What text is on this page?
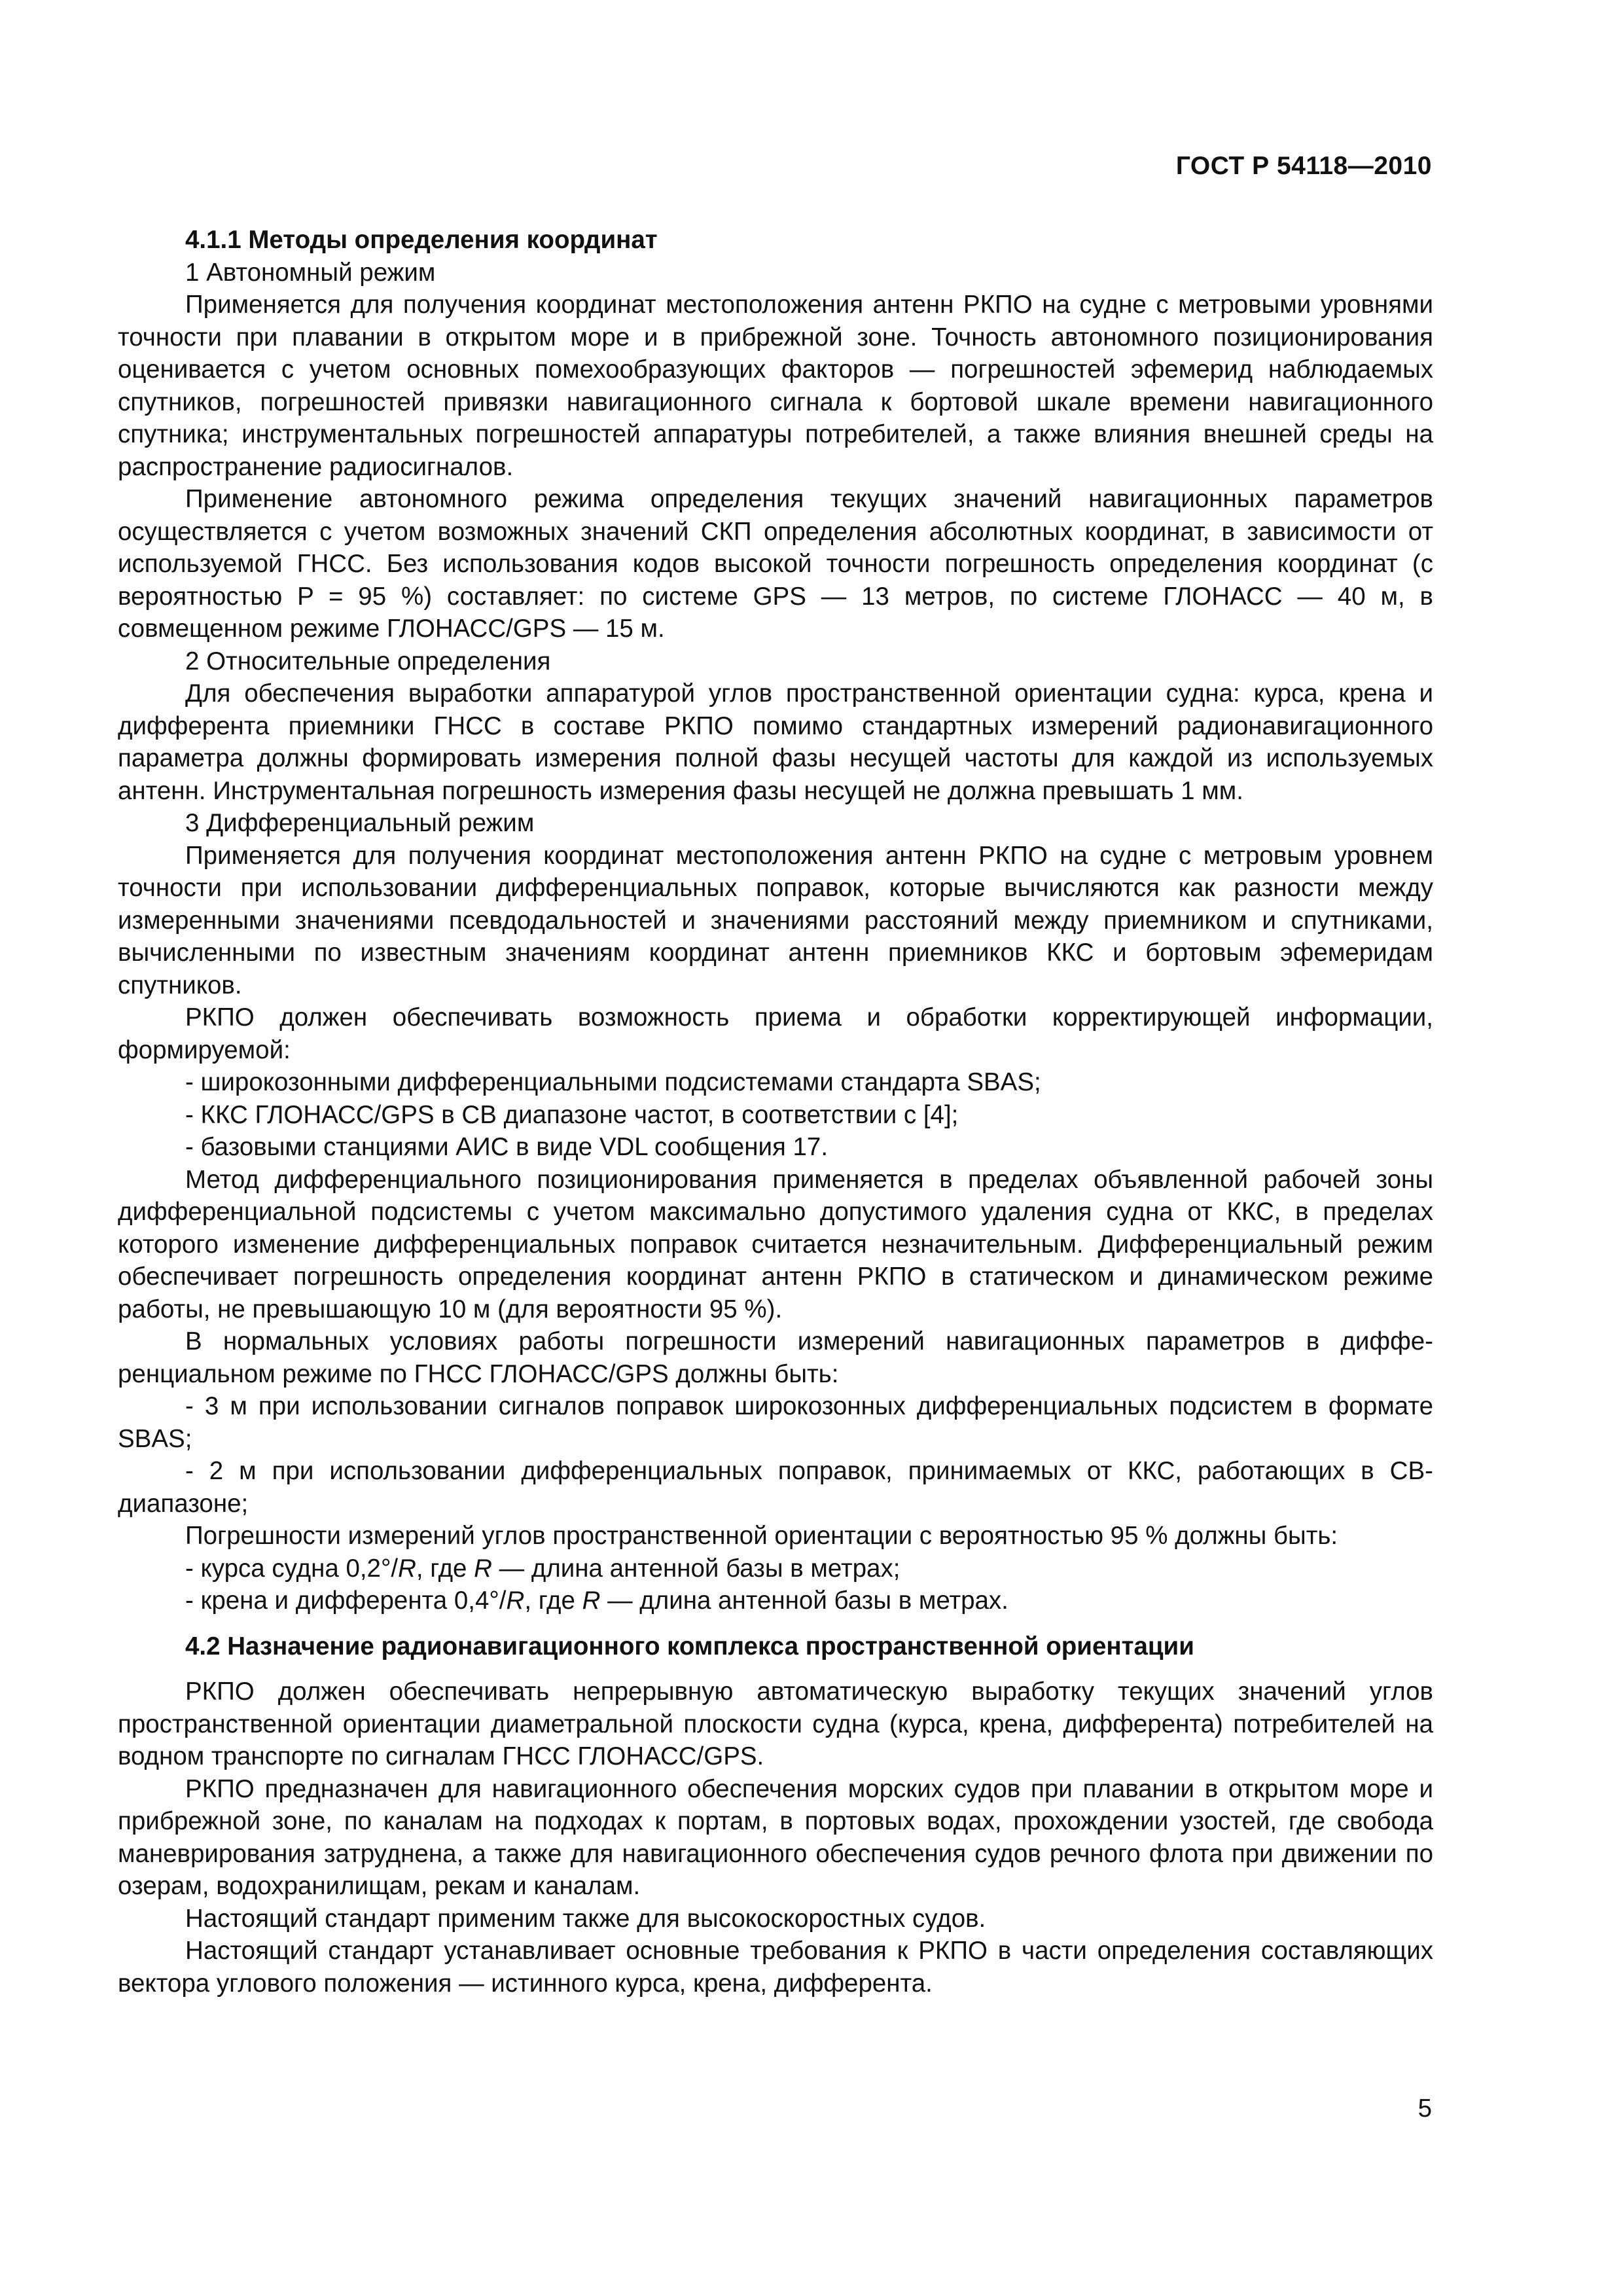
ГОСТ Р 54118—2010

4.1.1 Методы определения координат

1 Автономный режим

Применяется для получения координат местоположения антенн РКПО на судне с метровыми уровнями точности при плавании в открытом море и в прибрежной зоне. Точность автономного позиционирования оценивается с учетом основных помехообразующих факторов — погрешностей эфемерид наблюдаемых спутников, погрешностей привязки навигационного сигнала к бортовой шкале времени навигационного спутника; инструментальных погрешностей аппаратуры потребителей, а также влияния внешней среды на распространение радиосигналов.

Применение автономного режима определения текущих значений навигационных параметров осуществляется с учетом возможных значений СКП определения абсолютных координат, в зависимости от используемой ГНСС. Без использования кодов высокой точности погрешность определения координат (с вероятностью P = 95 %) составляет: по системе GPS — 13 метров, по системе ГЛОНАСС — 40 м, в совмещенном режиме ГЛОНАСС/GPS — 15 м.

2 Относительные определения

Для обеспечения выработки аппаратурой углов пространственной ориентации судна: курса, крена и дифферента приемники ГНСС в составе РКПО помимо стандартных измерений радионавигационного параметра должны формировать измерения полной фазы несущей частоты для каждой из используемых антенн. Инструментальная погрешность измерения фазы несущей не должна превышать 1 мм.

3 Дифференциальный режим

Применяется для получения координат местоположения антенн РКПО на судне с метровым уровнем точности при использовании дифференциальных поправок, которые вычисляются как разности между измеренными значениями псевдодальностей и значениями расстояний между приемником и спутниками, вычисленными по известным значениям координат антенн приемников ККС и бортовым эфемеридам спутников.

РКПО должен обеспечивать возможность приема и обработки корректирующей информации, формируемой:

- широкозонными дифференциальными подсистемами стандарта SBAS;

- ККС ГЛОНАСС/GPS в СВ диапазоне частот, в соответствии с [4];

- базовыми станциями АИС в виде VDL сообщения 17.

Метод дифференциального позиционирования применяется в пределах объявленной рабочей зоны дифференциальной подсистемы с учетом максимально допустимого удаления судна от ККС, в пределах которого изменение дифференциальных поправок считается незначительным. Дифференциальный режим обеспечивает погрешность определения координат антенн РКПО в статическом и динамическом режиме работы, не превышающую 10 м (для вероятности 95 %).

В нормальных условиях работы погрешности измерений навигационных параметров в дифференциальном режиме по ГНСС ГЛОНАСС/GPS должны быть:

- 3 м при использовании сигналов поправок широкозонных дифференциальных подсистем в формате SBAS;

- 2 м при использовании дифференциальных поправок, принимаемых от ККС, работающих в СВ-диапазоне;

Погрешности измерений углов пространственной ориентации с вероятностью 95 % должны быть:

- курса судна 0,2°/R, где R — длина антенной базы в метрах;

- крена и дифферента 0,4°/R, где R — длина антенной базы в метрах.

4.2 Назначение радионавигационного комплекса пространственной ориентации

РКПО должен обеспечивать непрерывную автоматическую выработку текущих значений углов пространственной ориентации диаметральной плоскости судна (курса, крена, дифферента) потребителей на водном транспорте по сигналам ГНСС ГЛОНАСС/GPS.

РКПО предназначен для навигационного обеспечения морских судов при плавании в открытом море и прибрежной зоне, по каналам на подходах к портам, в портовых водах, прохождении узостей, где свобода маневрирования затруднена, а также для навигационного обеспечения судов речного флота при движении по озерам, водохранилищам, рекам и каналам.

Настоящий стандарт применим также для высокоскоростных судов.

Настоящий стандарт устанавливает основные требования к РКПО в части определения составляющих вектора углового положения — истинного курса, крена, дифферента.

5
